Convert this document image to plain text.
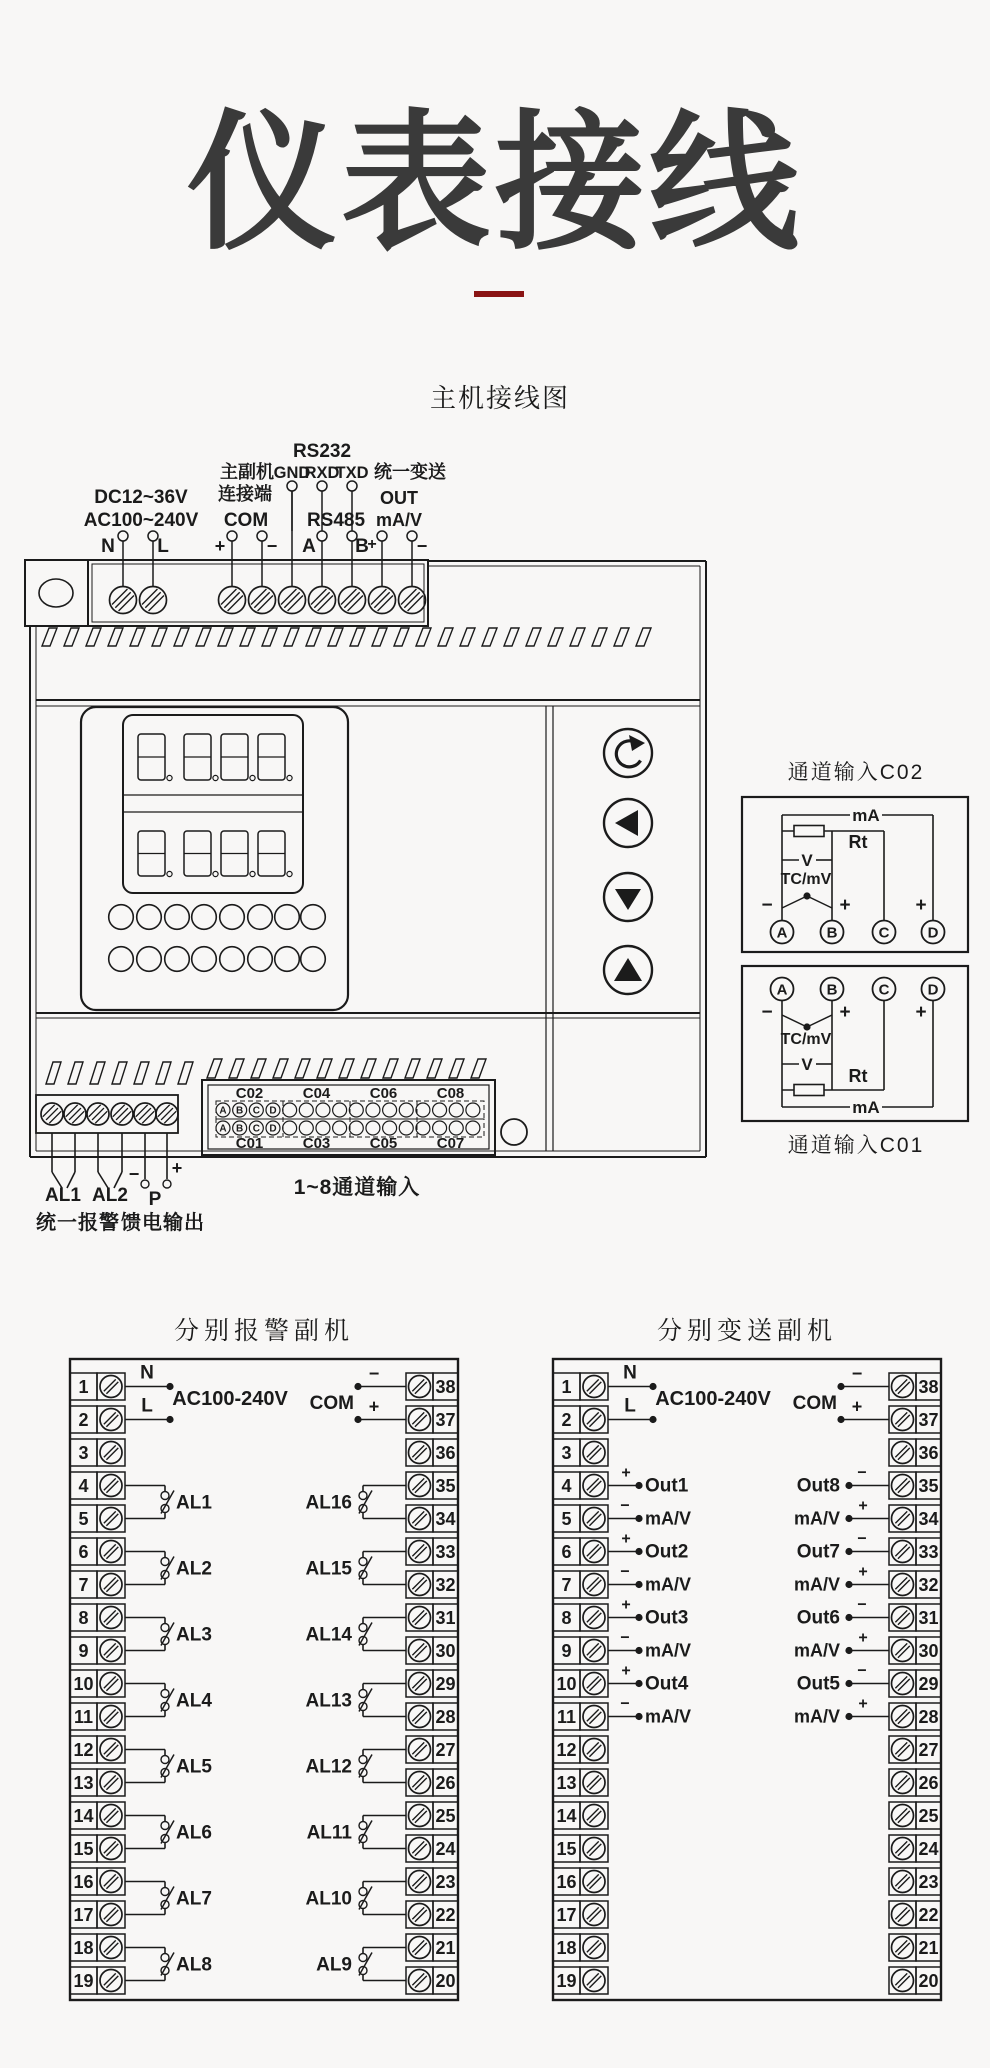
仪表接线
主机接线图
RS232
主副机
连接端
GND
RXD
TXD 统一变送
OUT
DC12~36V
AC100~240V COM RS485 mA/V
N L	+ − A B
+ −
C02	C04	C06	C08
C01	C03	C05	C07
A
A
B
B
C
C
D
D
− +
AL1 AL2 P
统一报警 馈电输出
1~8通道输入
通道输入C02
mA
Rt
V
TC/mV
−	+	+
A	B	C	D
mA
Rt
V
TC/mV
−	+	+
A	B	C	D
通道输入C01
分别报警副机	分别变送副机
1	38
2	37
3	36
4	35
5	34
6	33
7	32
8	31
9	30
10	29
11	28
12	27
13	26
14	25
15	24
16	23
17	22
18	21
19	20
N
L AC100-240V COM
−
+
AL1
AL2
AL3
AL4
AL5
AL6
AL7
AL8
AL16
AL15
AL14
AL13
AL12
AL11
AL10
AL9
1	38
2	37
3	36
4	35
5	34
6	33
7	32
8	31
9	30
10	29
11	28
12	27
13	26
14	25
15	24
16	23
17	22
18	21
19	20
N
L AC100-240V COM
−
+
+
Out1
−
mA/V
+
Out2
−
mA/V
+
Out3
−
mA/V
+
Out4
−
mA/V
−
Out8
+
mA/V
−
Out7
+
mA/V
−
Out6
+
mA/V
−
Out5
+
mA/V
